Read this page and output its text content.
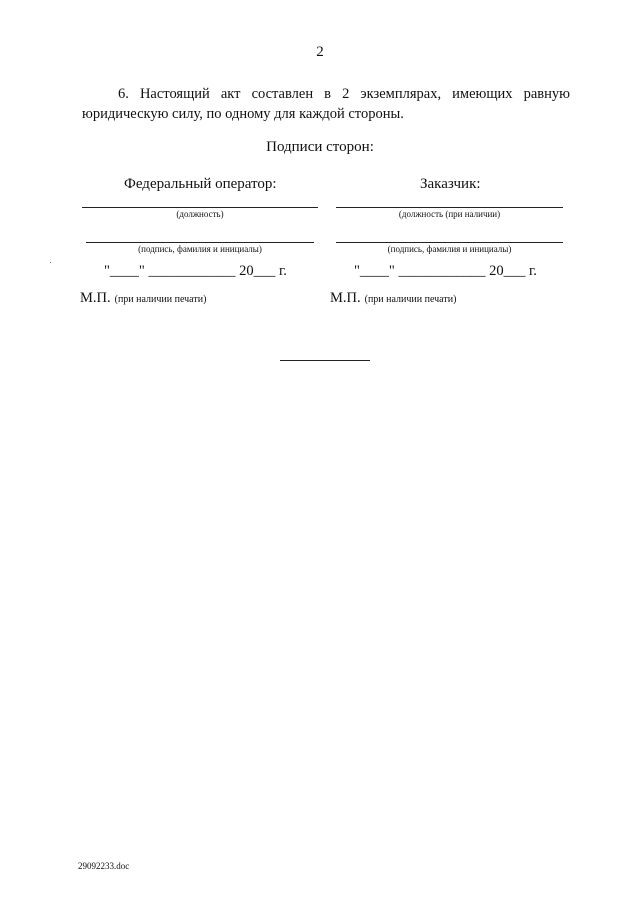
2
6. Настоящий акт составлен в 2 экземплярах, имеющих равную
юридическую силу, по одному для каждой стороны.
Подписи сторон:
Федеральный оператор:
(должность)
(подпись, фамилия и инициалы)
"____" ____________ 20___ г.
М.П. (при наличии печати)
Заказчик:
(должность (при наличии)
(подпись, фамилия и инициалы)
"____" ____________ 20___ г.
М.П. (при наличии печати)
29092233.doc
